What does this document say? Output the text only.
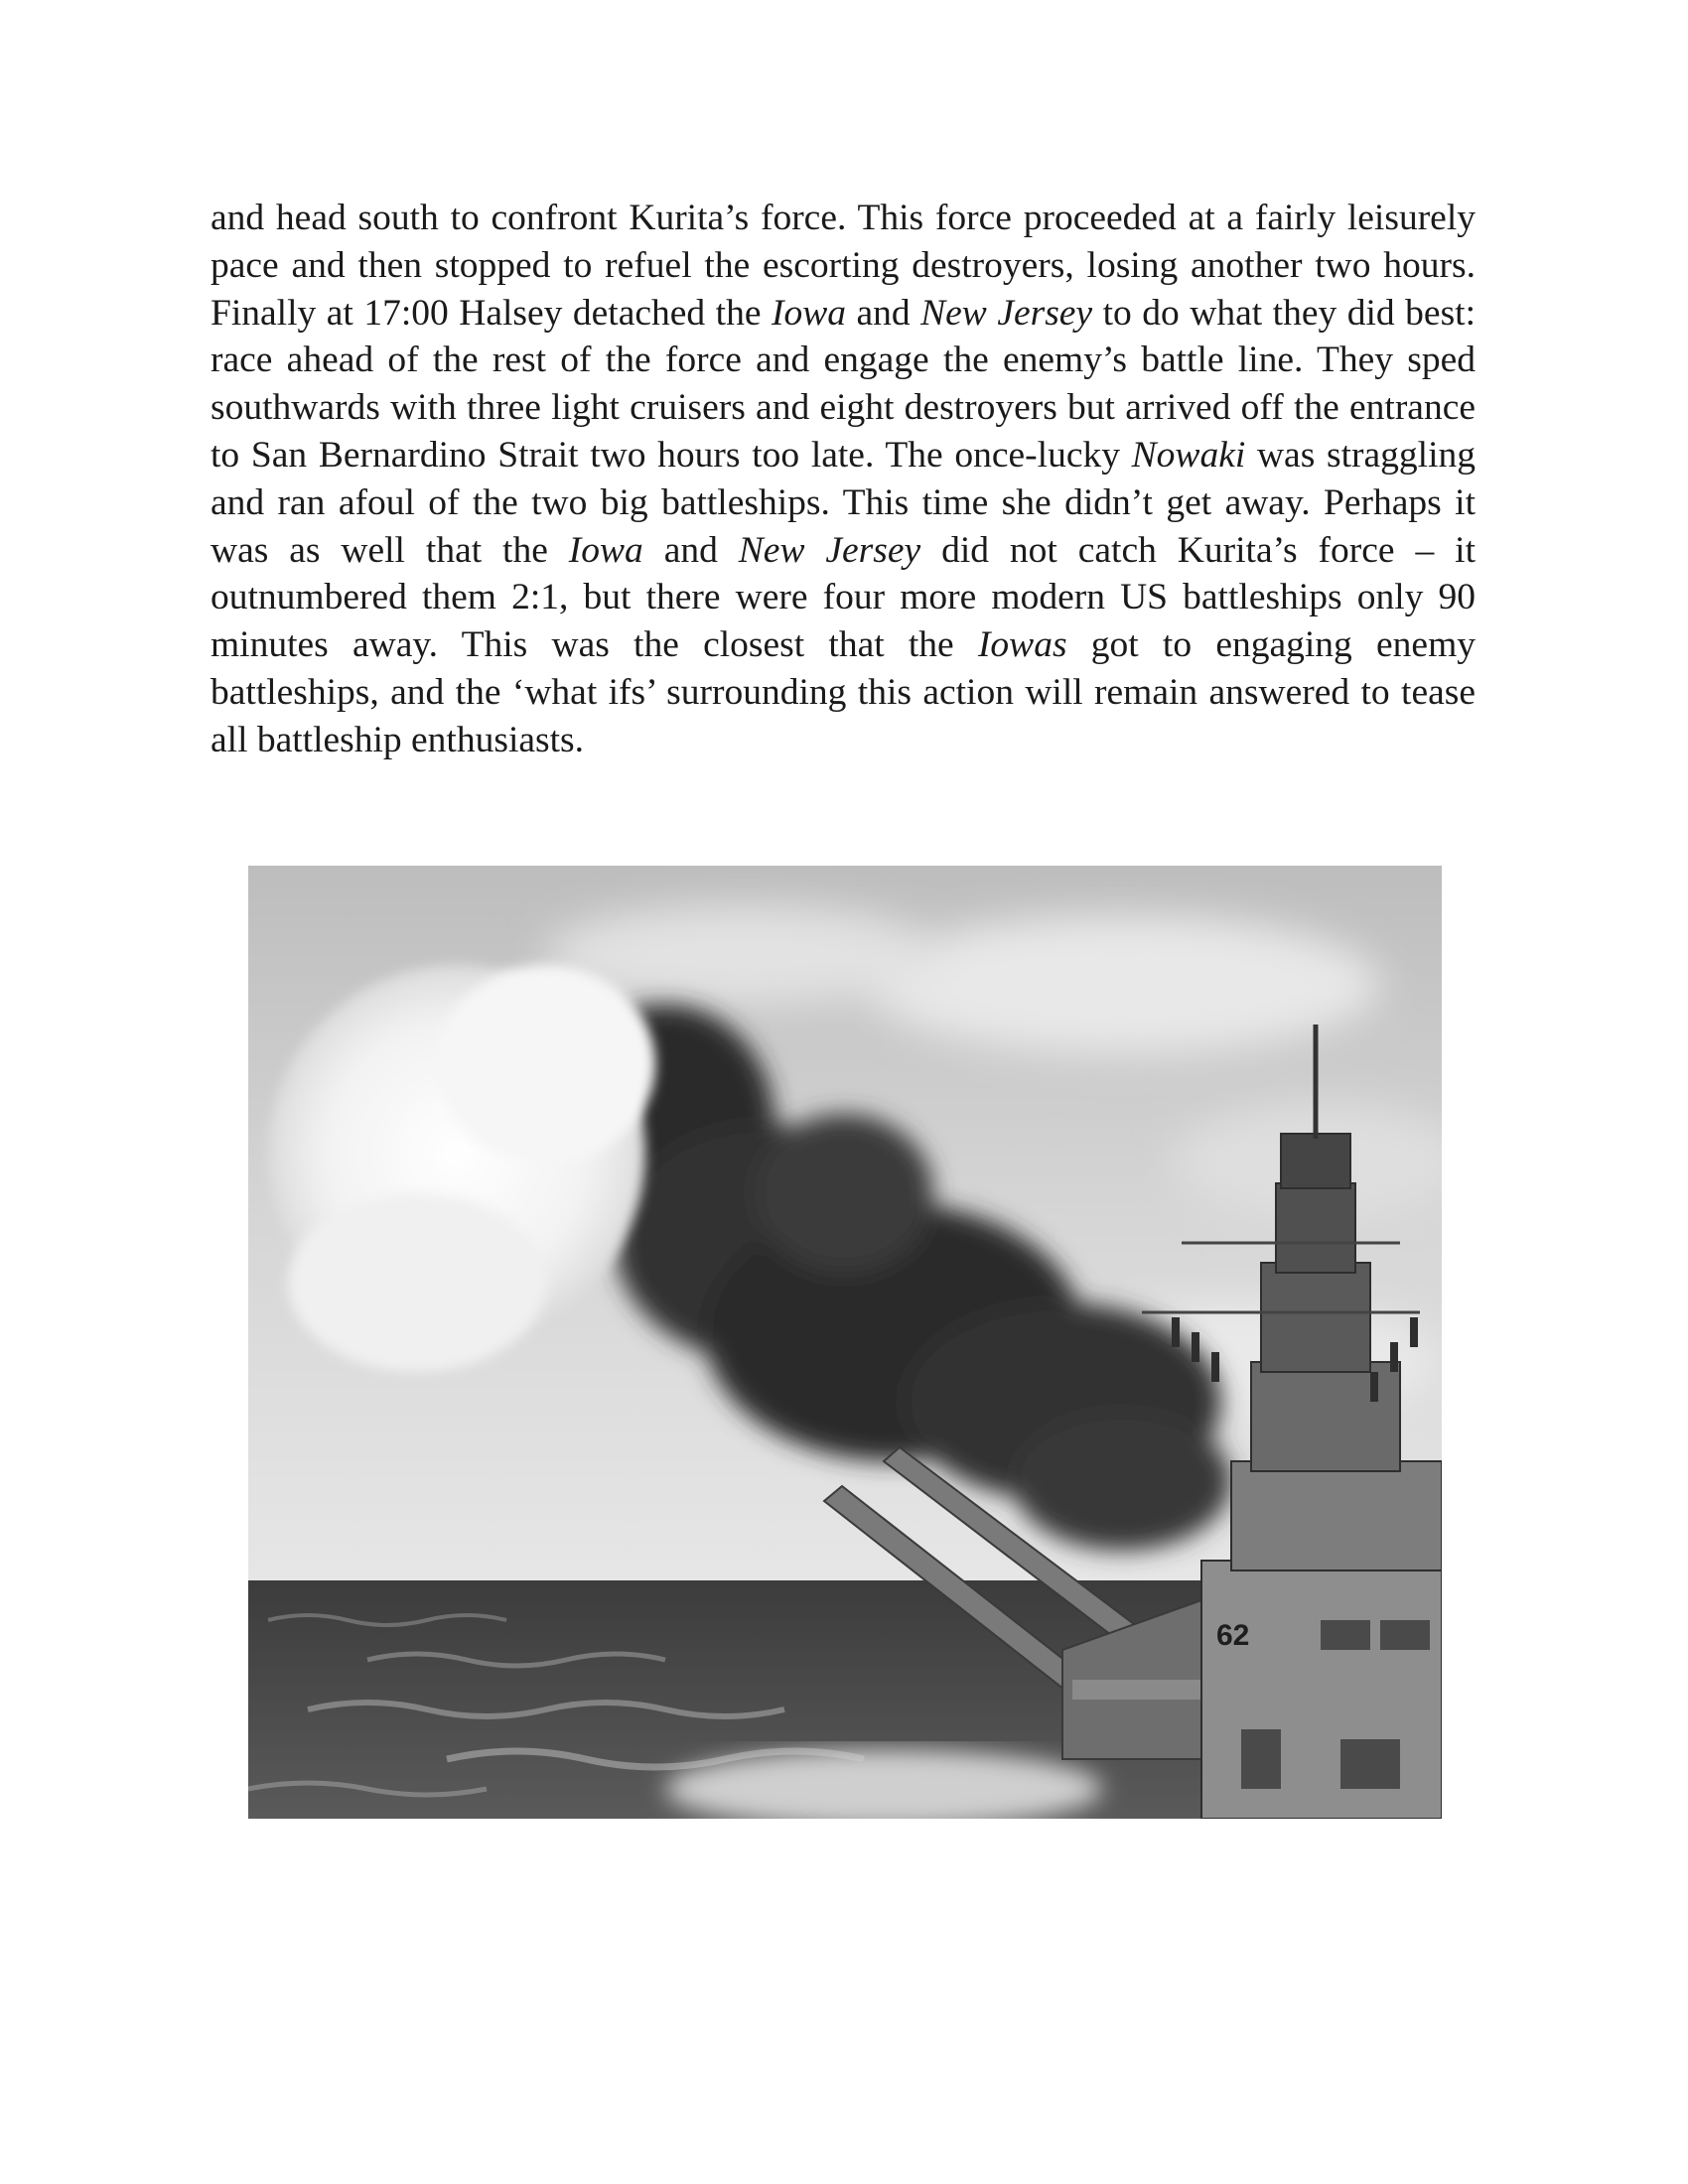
and head south to confront Kurita’s force. This force proceeded at a fairly leisurely pace and then stopped to refuel the escorting destroyers, losing another two hours. Finally at 17:00 Halsey detached the Iowa and New Jersey to do what they did best: race ahead of the rest of the force and engage the enemy’s battle line. They sped southwards with three light cruisers and eight destroyers but arrived off the entrance to San Bernardino Strait two hours too late. The once-lucky Nowaki was straggling and ran afoul of the two big battleships. This time she didn’t get away. Perhaps it was as well that the Iowa and New Jersey did not catch Kurita’s force – it outnumbered them 2:1, but there were four more modern US battleships only 90 minutes away. This was the closest that the Iowas got to engaging enemy battleships, and the ‘what ifs’ surrounding this action will remain answered to tease all battleship enthusiasts.

62
